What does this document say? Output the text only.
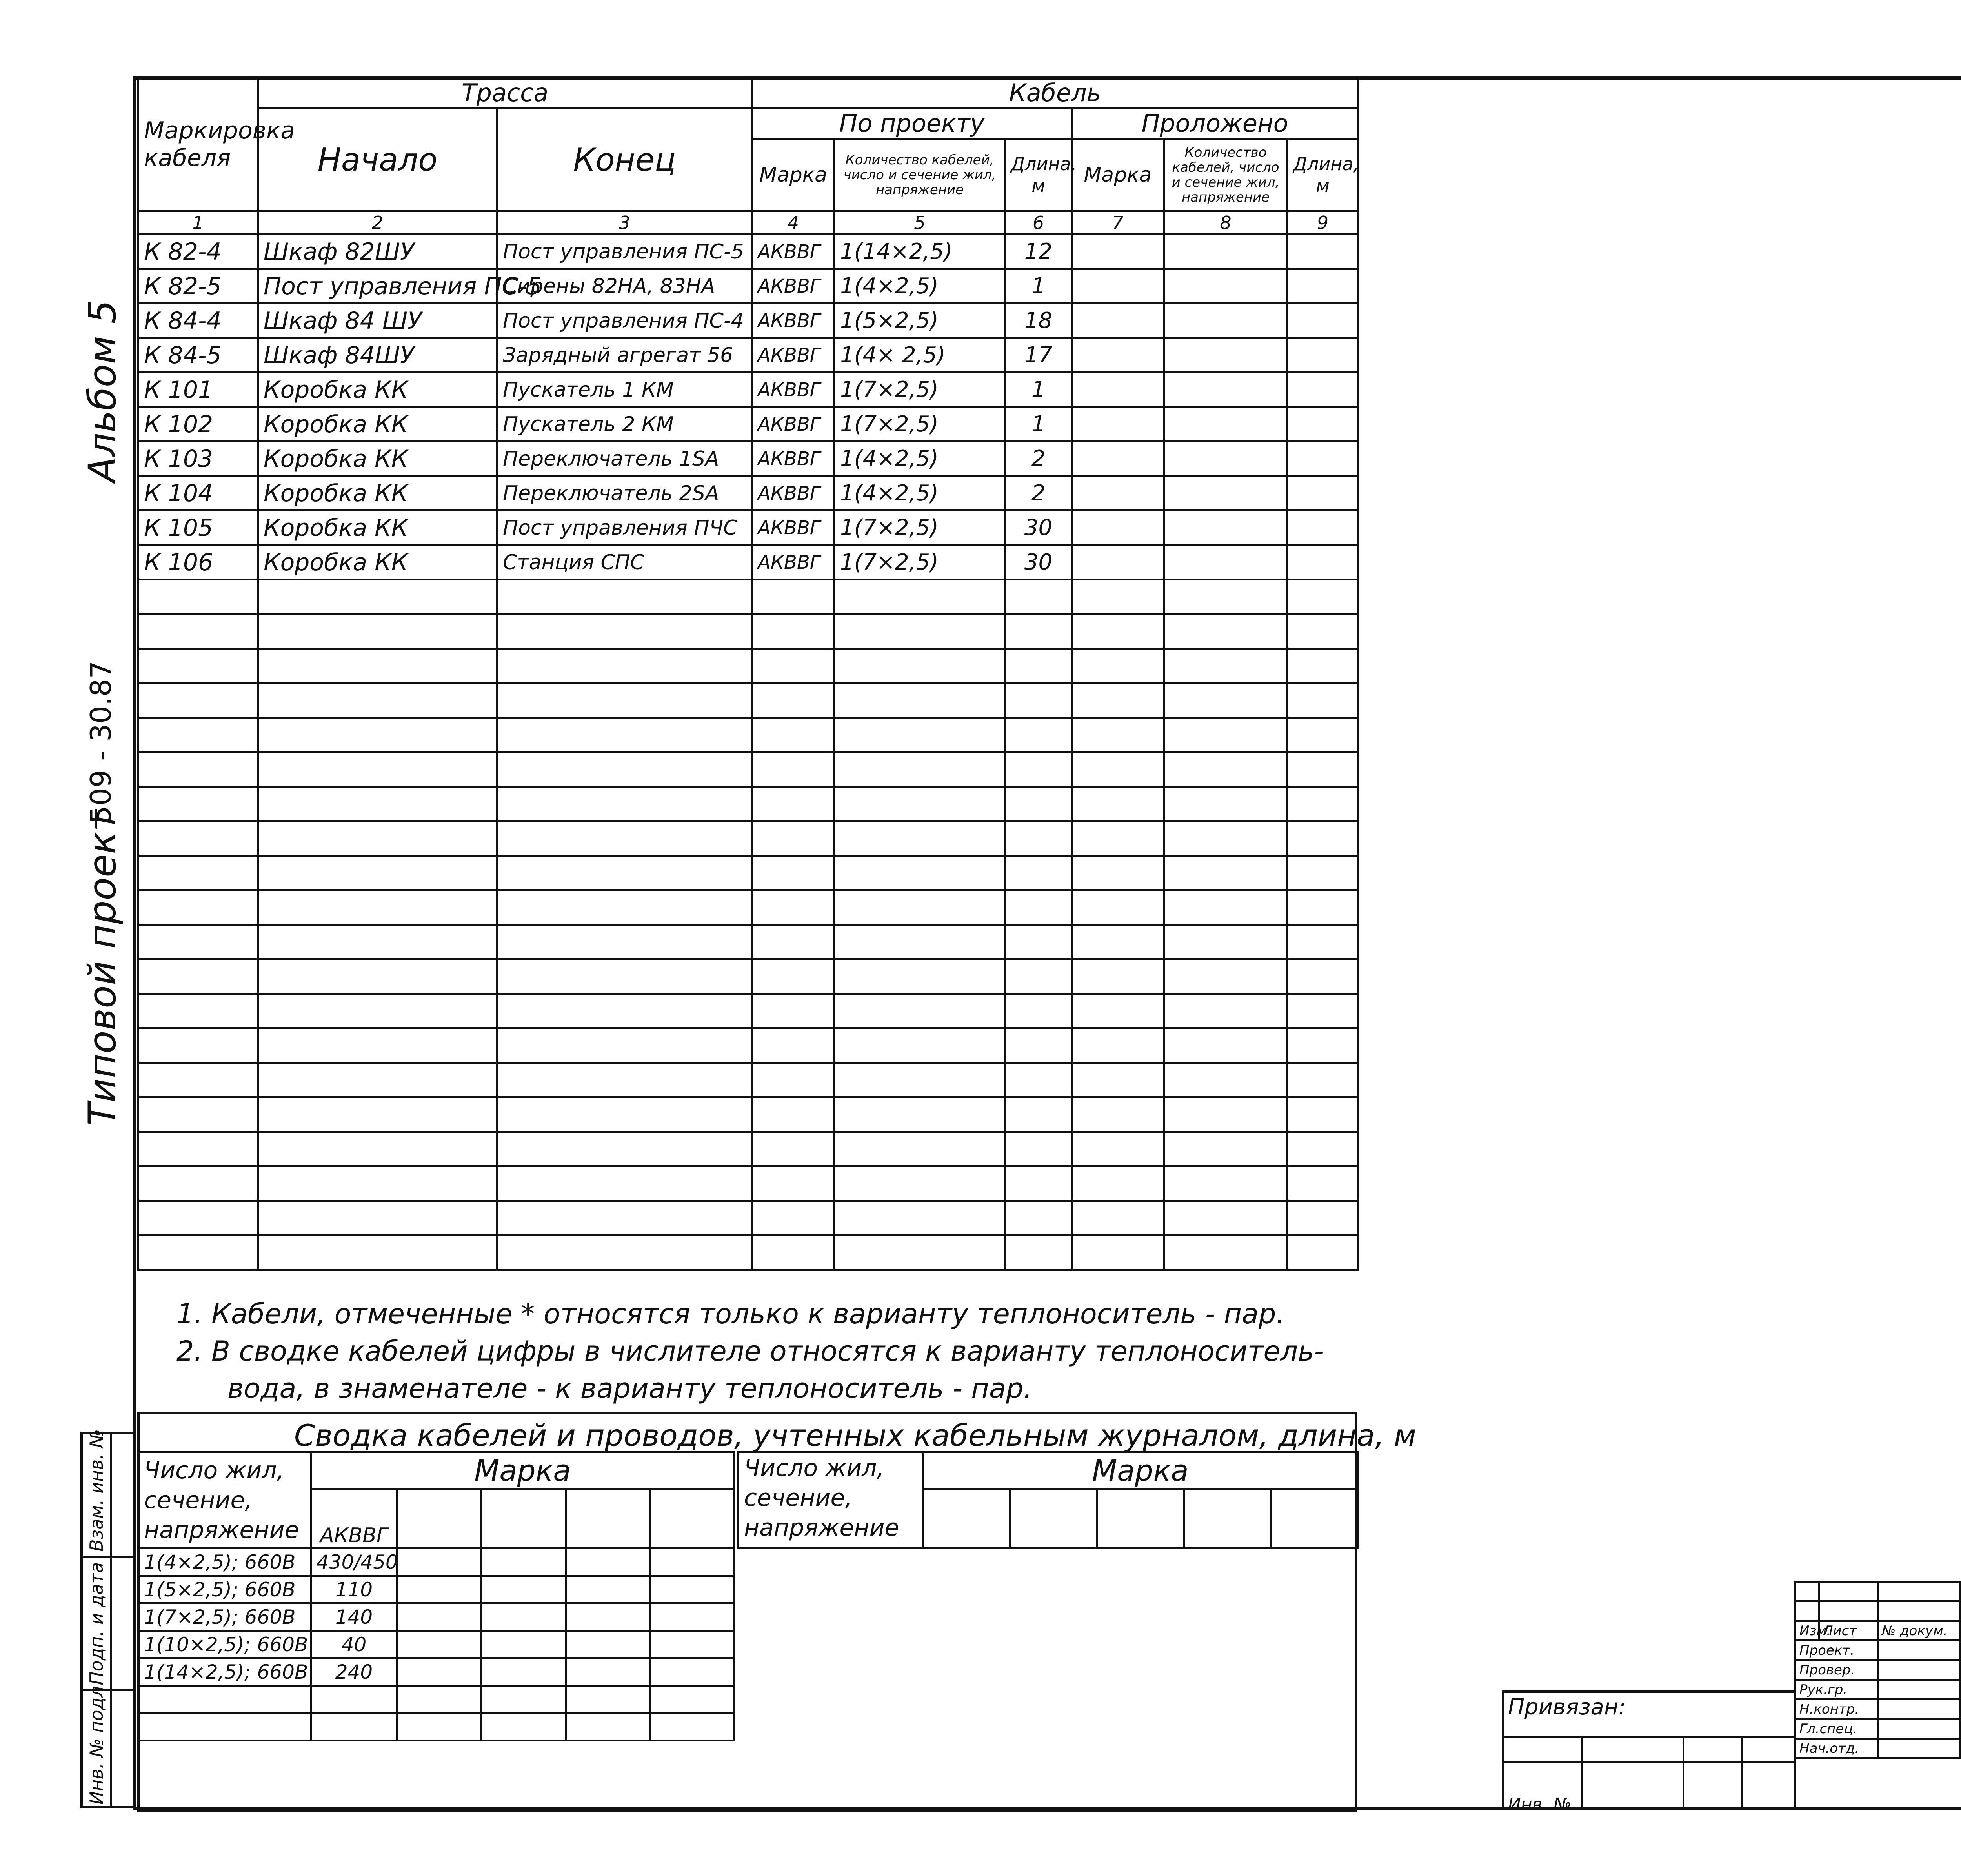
Альбом 5
Типовой проект
509 - 30.87
Инв. № подл.
Подп. и дата
Взам. инв. №
Маркировка кабеля	Трасса		Кабель					
	Начало	Конец	По проекту			Проложено		
			Марка	Количество кабелей, число и сечение жил, напряжение	Длина, м	Марка	Количество кабелей, число и сечение жил, напряжение	Длина, м
1	2	3	4	5	6	7	8	9
К 82-4	Шкаф 82ШУ	Пост управления ПС-5	АКВВГ	1(14×2,5)	12			
К 82-5	Пост управления ПС-5	Сирены 82НА, 83НА	АКВВГ	1(4×2,5)	1			
К 84-4	Шкаф 84 ШУ	Пост управления ПС-4	АКВВГ	1(5×2,5)	18			
К 84-5	Шкаф 84ШУ	Зарядный агрегат 56	АКВВГ	1(4× 2,5)	17			
К 101	Коробка КК	Пускатель 1 КМ	АКВВГ	1(7×2,5)	1			
К 102	Коробка КК	Пускатель 2 КМ	АКВВГ	1(7×2,5)	1			
К 103	Коробка КК	Переключатель 1SA	АКВВГ	1(4×2,5)	2			
К 104	Коробка КК	Переключатель 2SA	АКВВГ	1(4×2,5)	2			
К 105	Коробка КК	Пост управления ПЧС	АКВВГ	1(7×2,5)	30			
К 106	Коробка КК	Станция СПС	АКВВГ	1(7×2,5)	30			

1. Кабели, отмеченные * относятся только к варианту теплоноситель - пар.
2. В сводке кабелей цифры в числителе относятся к варианту теплоноситель-
вода, в знаменателе - к варианту теплоноситель - пар.
Сводка кабелей и проводов, учтенных кабельным журналом, длина, м
Число жил, сечение, напряжение	Марка				
	АКВВГ				
1(4×2,5); 660В	430/450				
1(5×2,5); 660В	110				
1(7×2,5); 660В	140				
1(10×2,5); 660В	40				
1(14×2,5); 660В	240				

Число жил, сечение, напряжение	Марка				

Привязан:
Инв. №

Изм.	Лист	№ докум.		
Проект.				
Провер.				
Рук.гр.				
Н.контр.				
Гл.спец.				
Нач.отд.				
